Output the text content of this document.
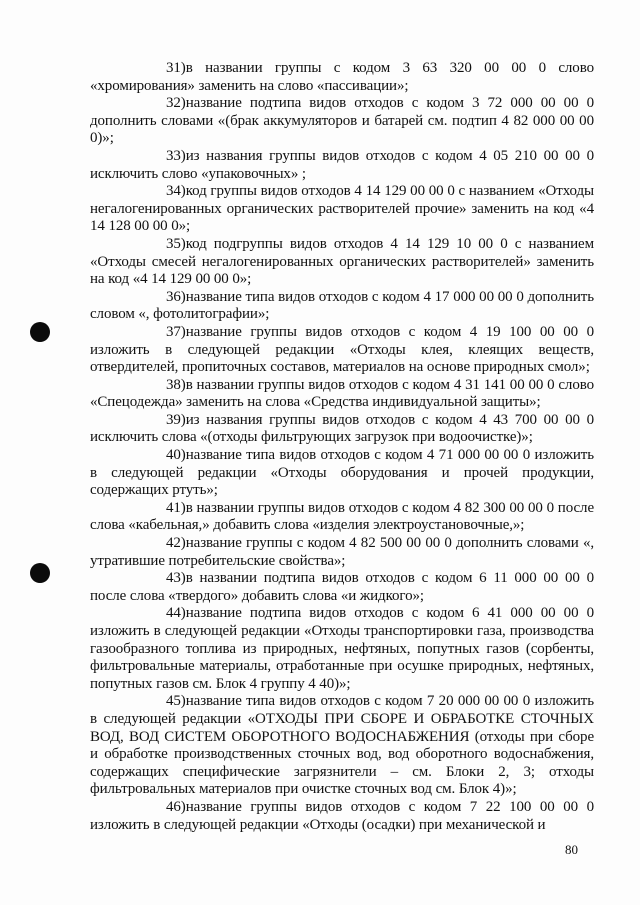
31)в названии группы с кодом 3 63 320 00 00 0 слово «хромирования» заменить на слово «пассивации»;

32)название подтипа видов отходов с кодом 3 72 000 00 00 0 дополнить словами «(брак аккумуляторов и батарей см. подтип 4 82 000 00 00 0)»;

33)из названия группы видов отходов с кодом 4 05 210 00 00 0 исключить слово «упаковочных» ;

34)код группы видов отходов 4 14 129 00 00 0 с названием «Отходы негалогенированных органических растворителей прочие» заменить на код «4 14 128 00 00 0»;

35)код подгруппы видов отходов 4 14 129 10 00 0 с названием «Отходы смесей негалогенированных органических растворителей» заменить на код «4 14 129 00 00 0»;

36)название типа видов отходов с кодом 4 17 000 00 00 0 дополнить словом «, фотолитографии»;

37)название группы видов отходов с кодом 4 19 100 00 00 0 изложить в следующей редакции «Отходы клея, клеящих веществ, отвердителей, пропиточных составов, материалов на основе природных смол»;

38)в названии группы видов отходов с кодом 4 31 141 00 00 0 слово «Спецодежда» заменить на слова «Средства индивидуальной защиты»;

39)из названия группы видов отходов с кодом 4 43 700 00 00 0 исключить слова «(отходы фильтрующих загрузок при водоочистке)»;

40)название типа видов отходов с кодом 4 71 000 00 00 0 изложить в следующей редакции «Отходы оборудования и прочей продукции, содержащих ртуть»;

41)в названии группы видов отходов с кодом 4 82 300 00 00 0 после слова «кабельная,» добавить слова «изделия электроустановочные,»;

42)название группы с кодом 4 82 500 00 00 0 дополнить словами «, утратившие потребительские свойства»;

43)в названии подтипа видов отходов с кодом 6 11 000 00 00 0 после слова «твердого» добавить слова «и жидкого»;

44)название подтипа видов отходов с кодом 6 41 000 00 00 0 изложить в следующей редакции «Отходы транспортировки газа, производства газообразного топлива из природных, нефтяных, попутных газов (сорбенты, фильтровальные материалы, отработанные при осушке природных, нефтяных, попутных газов см. Блок 4 группу 4 40)»;

45)название типа видов отходов с кодом 7 20 000 00 00 0 изложить в следующей редакции «ОТХОДЫ ПРИ СБОРЕ И ОБРАБОТКЕ СТОЧНЫХ ВОД, ВОД СИСТЕМ ОБОРОТНОГО ВОДОСНАБЖЕНИЯ (отходы при сборе и обработке производственных сточных вод, вод оборотного водоснабжения, содержащих специфические загрязнители – см. Блоки 2, 3; отходы фильтровальных материалов при очистке сточных вод см. Блок 4)»;

46)название группы видов отходов с кодом 7 22 100 00 00 0 изложить в следующей редакции «Отходы (осадки) при механической и

80
